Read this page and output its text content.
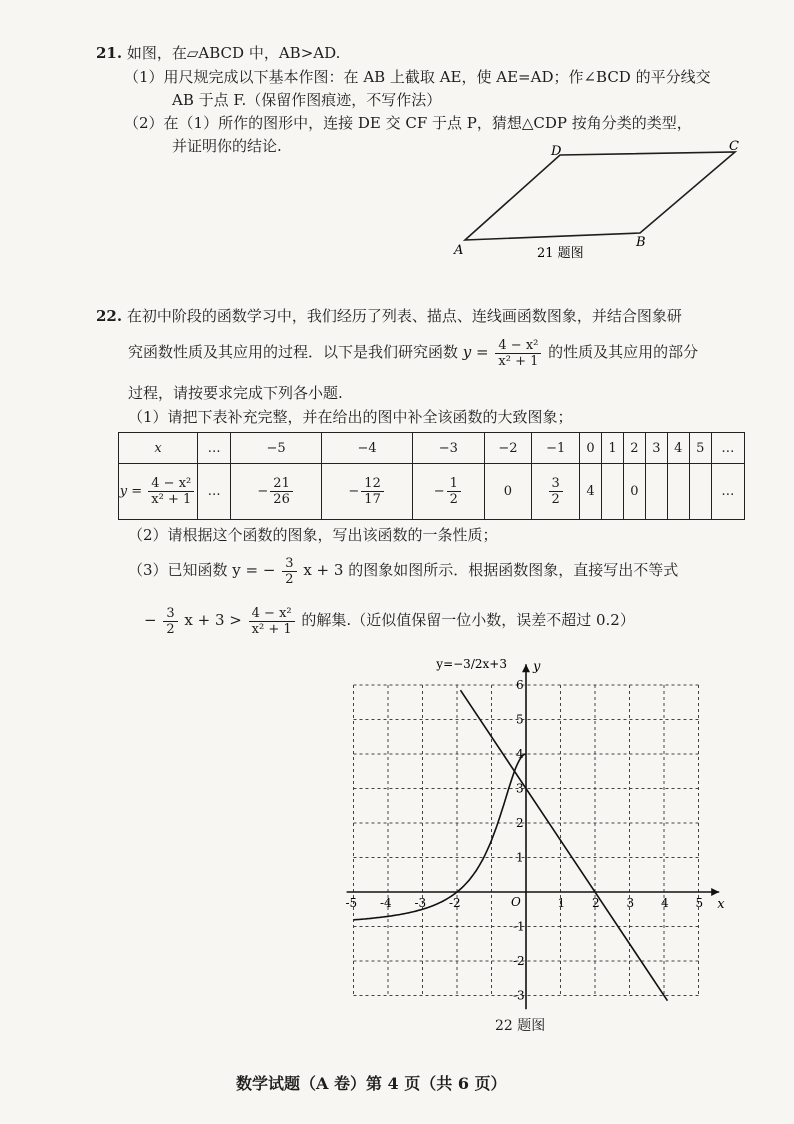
21. 如图，在▱ABCD 中，AB>AD.
（1）用尺规完成以下基本作图：在 AB 上截取 AE，使 AE=AD；作∠BCD 的平分线交
AB 于点 F.（保留作图痕迹，不写作法）
（2）在（1）所作的图形中，连接 DE 交 CF 于点 P，猜想△CDP 按角分类的类型，
并证明你的结论.
A
B
C
D
21 题图
22. 在初中阶段的函数学习中，我们经历了列表、描点、连线画函数图象，并结合图象研
究函数性质及其应用的过程．以下是我们研究函数 $y = \frac{\text{4 − x²}}{\text{x² + 1}}$ 的性质及其应用的部分
过程，请按要求完成下列各小题.
（1）请把下表补充完整，并在给出的图中补全该函数的大致图象；
x	…	−5	−4	−3	−2	−1	0	1	2	3	4	5	…
$y = \frac{\text{4 − x²}}{\text{x² + 1}}$	…	− $\frac{21}{26}$	− $\frac{12}{17}$	− $\frac{1}{2}$	0	$\frac{3}{2}$	4		0				…
（2）请根据这个函数的图象，写出该函数的一条性质；
（3）已知函数 y = − $\frac{3}{2}$ x + 3 的图象如图所示．根据函数图象，直接写出不等式
− $\frac{3}{2}$ $x + 3 > \frac{\text{4 − x²}}{\text{x² + 1}}$ 的解集.（近似值保留一位小数，误差不超过 0.2）
x
y
O
-5 -4 -3 -2	1 2 3 4 5
6
5
4
3
2
1
-1
-2
-3
y=−3/2x+3
22 题图
数学试题（A 卷）第 4 页（共 6 页）
